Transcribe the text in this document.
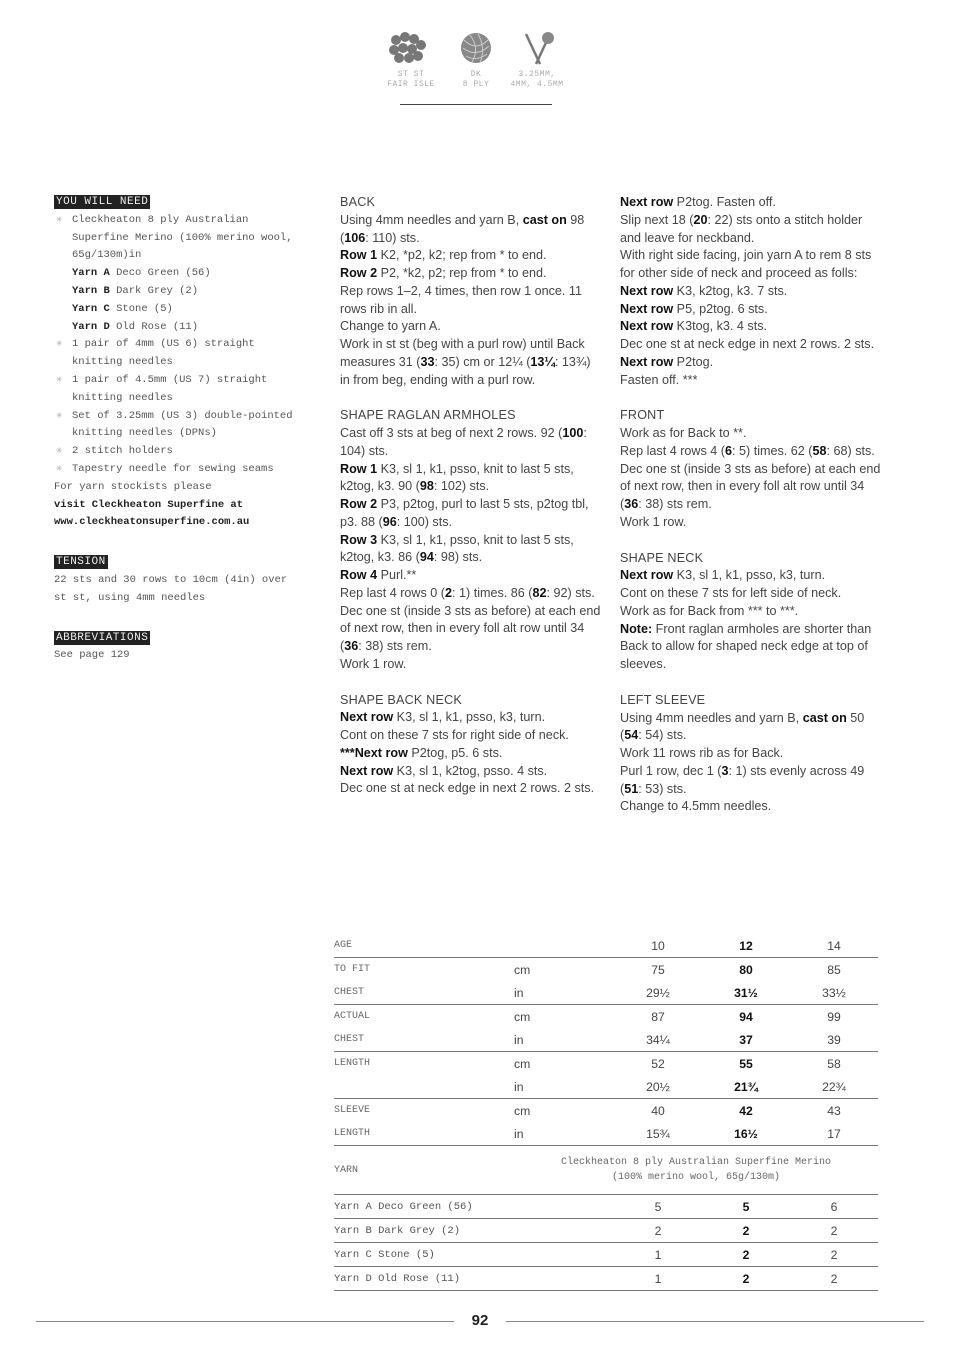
ST ST
FAIR ISLE
DK
8 PLY
3.25MM,
4MM, 4.5MM
YOU WILL NEED
✳ Cleckheaton 8 ply Australian Superfine Merino (100% merino wool, 65g/130m)in
Yarn A Deco Green (56)
Yarn B Dark Grey (2)
Yarn C Stone (5)
Yarn D Old Rose (11)
✳ 1 pair of 4mm (US 6) straight knitting needles
✳ 1 pair of 4.5mm (US 7) straight knitting needles
✳ Set of 3.25mm (US 3) double-pointed knitting needles (DPNs)
✳ 2 stitch holders
✳ Tapestry needle for sewing seams
For yarn stockists please
visit Cleckheaton Superfine at www.cleckheatonsuperfine.com.au
TENSION
22 sts and 30 rows to 10cm (4in) over st st, using 4mm needles
ABBREVIATIONS
See page 129

BACK

Using 4mm needles and yarn B, cast on 98 (106: 110) sts.

Row 1 K2, *p2, k2; rep from * to end.

Row 2 P2, *k2, p2; rep from * to end.

Rep rows 1–2, 4 times, then row 1 once. 11 rows rib in all.

Change to yarn A.

Work in st st (beg with a purl row) until Back measures 31 (33: 35) cm or 12¼ (13¼: 13¾) in from beg, ending with a purl row.

SHAPE RAGLAN ARMHOLES

Cast off 3 sts at beg of next 2 rows. 92 (100: 104) sts.

Row 1 K3, sl 1, k1, psso, knit to last 5 sts, k2tog, k3. 90 (98: 102) sts.

Row 2 P3, p2tog, purl to last 5 sts, p2tog tbl, p3. 88 (96: 100) sts.

Row 3 K3, sl 1, k1, psso, knit to last 5 sts, k2tog, k3. 86 (94: 98) sts.

Row 4 Purl.**

Rep last 4 rows 0 (2: 1) times. 86 (82: 92) sts.

Dec one st (inside 3 sts as before) at each end of next row, then in every foll alt row until 34 (36: 38) sts rem.

Work 1 row.

SHAPE BACK NECK

Next row K3, sl 1, k1, psso, k3, turn.

Cont on these 7 sts for right side of neck.

***Next row P2tog, p5. 6 sts.

Next row K3, sl 1, k2tog, psso. 4 sts.

Dec one st at neck edge in next 2 rows. 2 sts.

Next row P2tog. Fasten off.

Slip next 18 (20: 22) sts onto a stitch holder and leave for neckband.

With right side facing, join yarn A to rem 8 sts for other side of neck and proceed as folls:

Next row K3, k2tog, k3. 7 sts.

Next row P5, p2tog. 6 sts.

Next row K3tog, k3. 4 sts.

Dec one st at neck edge in next 2 rows. 2 sts.

Next row P2tog.

Fasten off. ***

FRONT

Work as for Back to **.

Rep last 4 rows 4 (6: 5) times. 62 (58: 68) sts.

Dec one st (inside 3 sts as before) at each end of next row, then in every foll alt row until 34 (36: 38) sts rem.

Work 1 row.

SHAPE NECK

Next row K3, sl 1, k1, psso, k3, turn.

Cont on these 7 sts for left side of neck.

Work as for Back from *** to ***.

Note: Front raglan armholes are shorter than Back to allow for shaped neck edge at top of sleeves.

LEFT SLEEVE

Using 4mm needles and yarn B, cast on 50 (54: 54) sts.

Work 11 rows rib as for Back.

Purl 1 row, dec 1 (3: 1) sts evenly across 49 (51: 53) sts.

Change to 4.5mm needles.

AGE		10	12	14
TO FIT	cm	75	80	85
CHEST	in	29½	31½	33½
ACTUAL	cm	87	94	99
CHEST	in	34¼	37	39
LENGTH	cm	52	55	58
	in	20½	21¾	22¾
SLEEVE	cm	40	42	43
LENGTH	in	15¾	16½	17
YARN	Cleckheaton 8 ply Australian Superfine Merino
(100% merino wool, 65g/130m)			

Yarn A Deco Green (56)		5	5	6
Yarn B Dark Grey (2)		2	2	2
Yarn C Stone (5)		1	2	2
Yarn D Old Rose (11)		1	2	2
92
